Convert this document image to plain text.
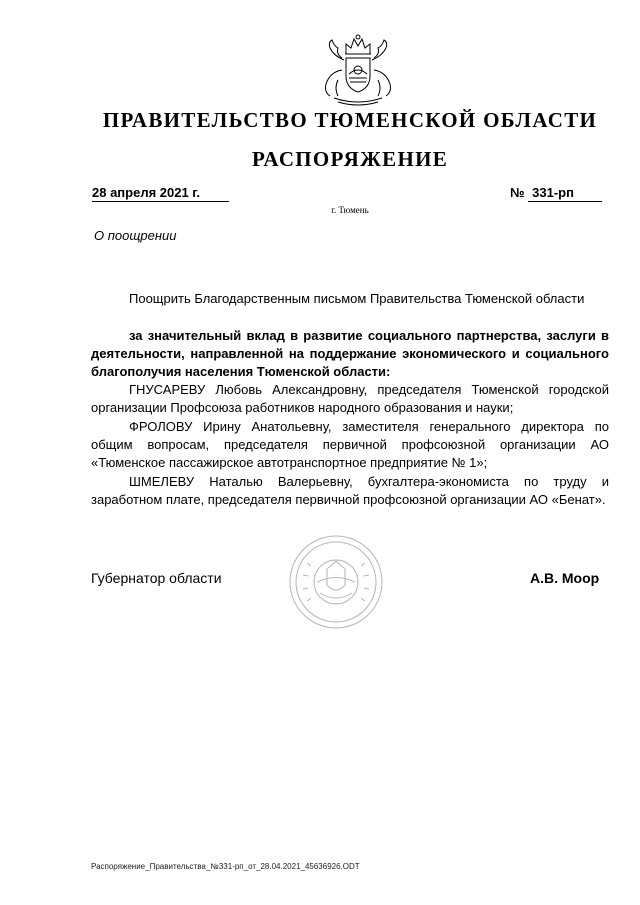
ПРАВИТЕЛЬСТВО ТЮМЕНСКОЙ ОБЛАСТИ
РАСПОРЯЖЕНИЕ
28 апреля 2021 г.	№ 331-рп
г. Тюмень
О поощрении

Поощрить Благодарственным письмом Правительства Тюменской области

за значительный вклад в развитие социального партнерства, заслуги в деятельности, направленной на поддержание экономического и социального благополучия населения Тюменской области:

ГНУСАРЕВУ Любовь Александровну, председателя Тюменской городской организации Профсоюза работников народного образования и науки;

ФРОЛОВУ Ирину Анатольевну, заместителя генерального директора по общим вопросам, председателя первичной профсоюзной организации АО «Тюменское пассажирское автотранспортное предприятие № 1»;

ШМЕЛЕВУ Наталью Валерьевну, бухгалтера-экономиста по труду и заработном плате, председателя первичной профсоюзной организации АО «Бенат».

Губернатор области	А.В. Моор
Распоряжение_Правительства_№331-рп_от_28.04.2021_45636926.ODT
